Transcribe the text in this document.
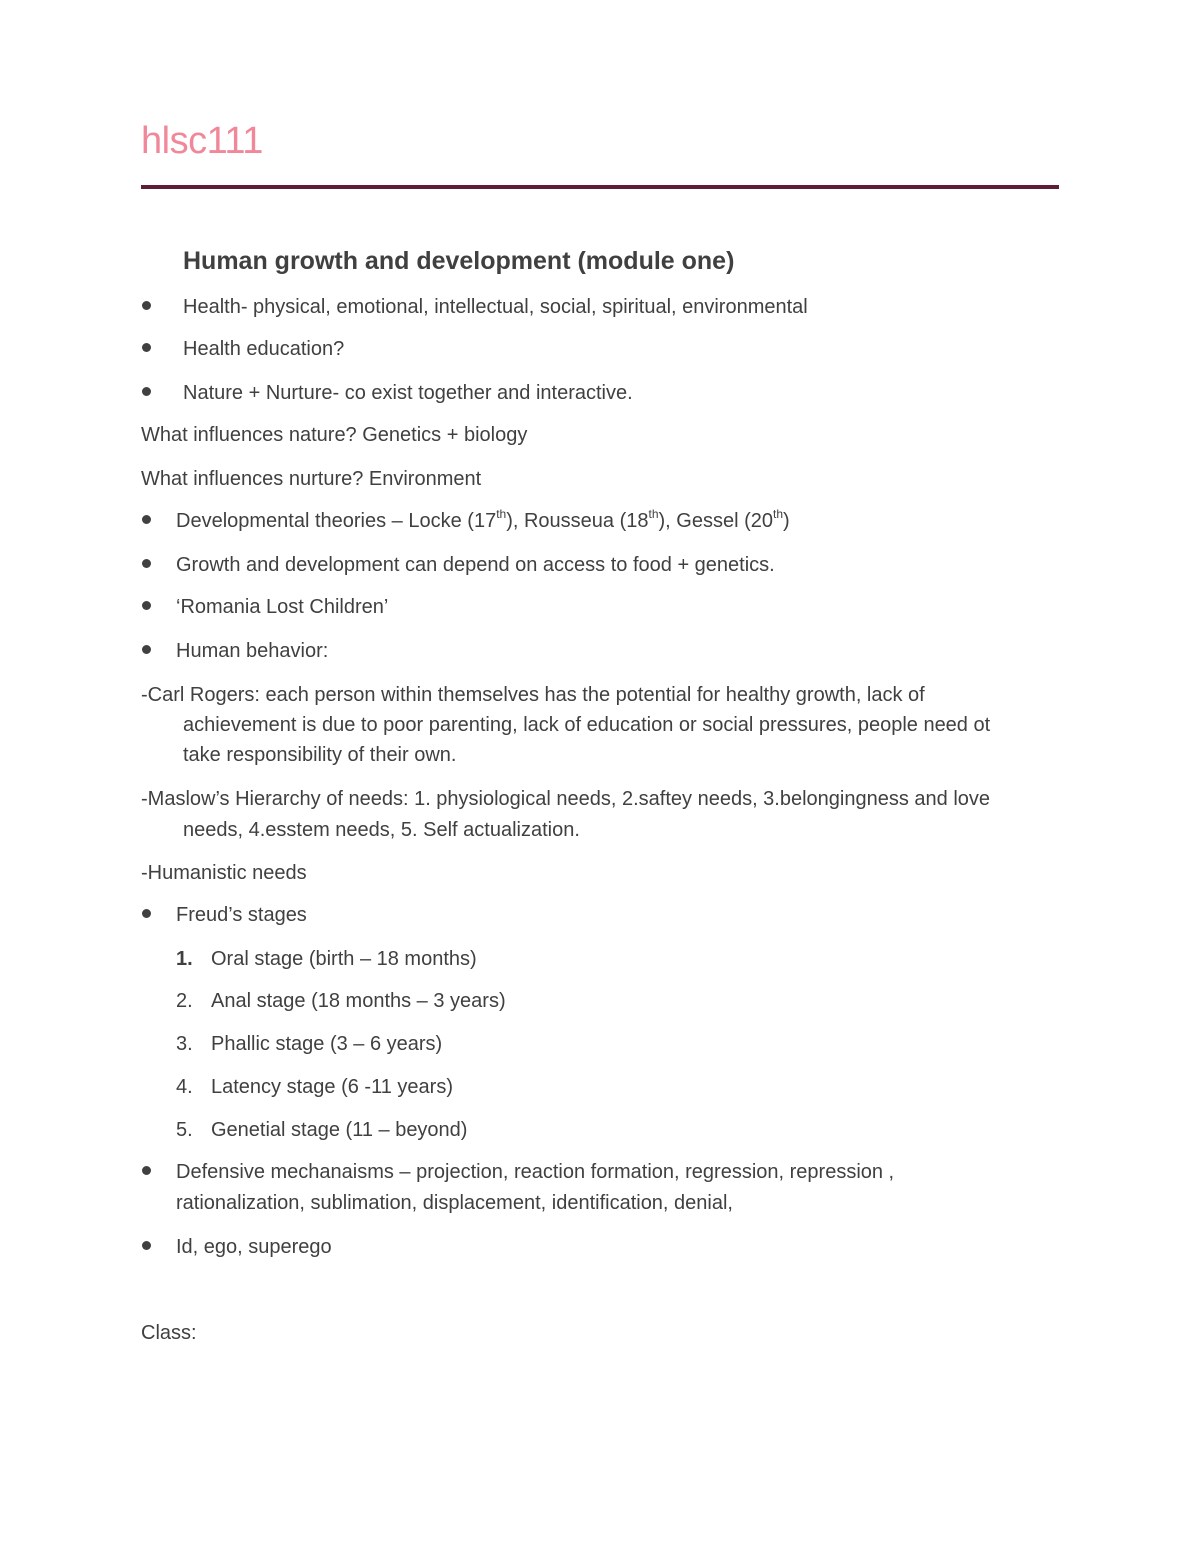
hlsc111
Human growth and development (module one)
Health- physical, emotional, intellectual, social, spiritual, environmental
Health education?
Nature + Nurture- co exist together and interactive.
What influences nature? Genetics + biology
What influences nurture? Environment
Developmental theories – Locke (17th), Rousseua (18th), Gessel (20th)
Growth and development can depend on access to food + genetics.
‘Romania Lost Children’
Human behavior:
-Carl Rogers: each person within themselves has the potential for healthy growth, lack of
achievement is due to poor parenting, lack of education or social pressures, people need ot
take responsibility of their own.
-Maslow’s Hierarchy of needs: 1. physiological needs, 2.saftey needs, 3.belongingness and love
needs, 4.esstem needs, 5. Self actualization.
-Humanistic needs
Freud’s stages
1. Oral stage (birth – 18 months)
2. Anal stage (18 months – 3 years)
3. Phallic stage (3 – 6 years)
4. Latency stage (6 -11 years)
5. Genetial stage (11 – beyond)
Defensive mechanaisms – projection, reaction formation, regression, repression ,
rationalization, sublimation, displacement, identification, denial,
Id, ego, superego
Class:
